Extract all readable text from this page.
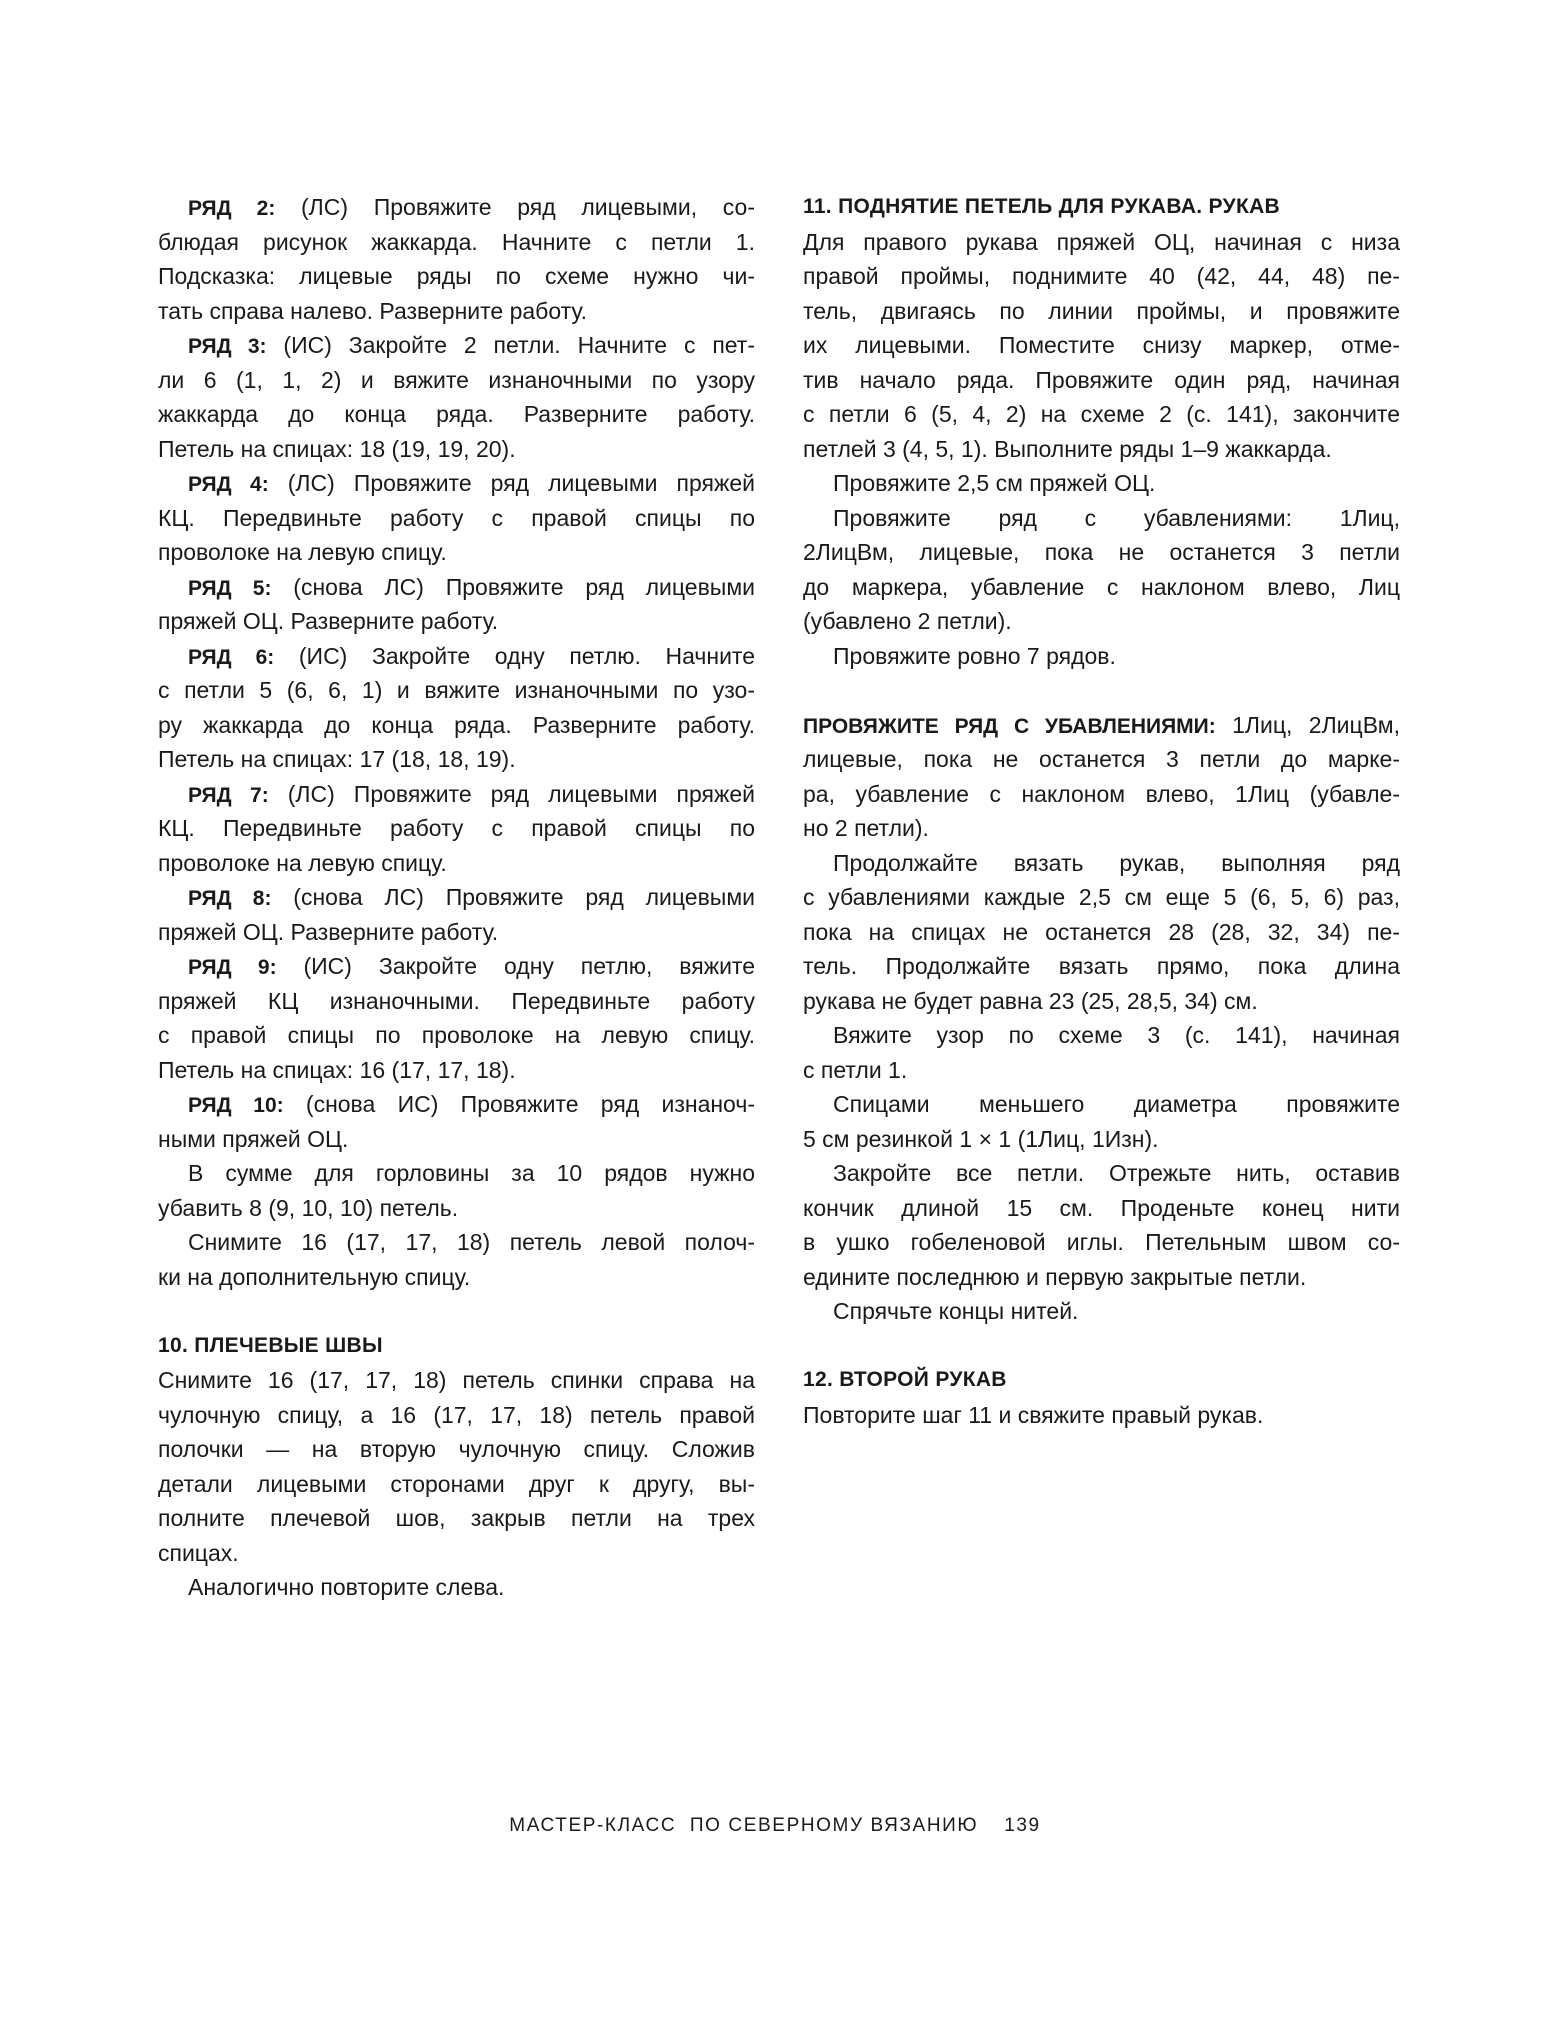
РЯД 2: (ЛС) Провяжите ряд лицевыми, со-
блюдая рисунок жаккарда. Начните с петли 1.
Подсказка: лицевые ряды по схеме нужно чи-
тать справа налево. Разверните работу.
РЯД 3: (ИС) Закройте 2 петли. Начните с пет-
ли 6 (1, 1, 2) и вяжите изнаночными по узору
жаккарда до конца ряда. Разверните работу.
Петель на спицах: 18 (19, 19, 20).
РЯД 4: (ЛС) Провяжите ряд лицевыми пряжей
КЦ. Передвиньте работу с правой спицы по
проволоке на левую спицу.
РЯД 5: (снова ЛС) Провяжите ряд лицевыми
пряжей ОЦ. Разверните работу.
РЯД 6: (ИС) Закройте одну петлю. Начните
с петли 5 (6, 6, 1) и вяжите изнаночными по узо-
ру жаккарда до конца ряда. Разверните работу.
Петель на спицах: 17 (18, 18, 19).
РЯД 7: (ЛС) Провяжите ряд лицевыми пряжей
КЦ. Передвиньте работу с правой спицы по
проволоке на левую спицу.
РЯД 8: (снова ЛС) Провяжите ряд лицевыми
пряжей ОЦ. Разверните работу.
РЯД 9: (ИС) Закройте одну петлю, вяжите
пряжей КЦ изнаночными. Передвиньте работу
с правой спицы по проволоке на левую спицу.
Петель на спицах: 16 (17, 17, 18).
РЯД 10: (снова ИС) Провяжите ряд изнаноч-
ными пряжей ОЦ.
В сумме для горловины за 10 рядов нужно
убавить 8 (9, 10, 10) петель.
Снимите 16 (17, 17, 18) петель левой полоч-
ки на дополнительную спицу.
10. ПЛЕЧЕВЫЕ ШВЫ
Снимите 16 (17, 17, 18) петель спинки справа на
чулочную спицу, а 16 (17, 17, 18) петель правой
полочки — на вторую чулочную спицу. Сложив
детали лицевыми сторонами друг к другу, вы-
полните плечевой шов, закрыв петли на трех
спицах.
Аналогично повторите слева.
11. ПОДНЯТИЕ ПЕТЕЛЬ ДЛЯ РУКАВА. РУКАВ
Для правого рукава пряжей ОЦ, начиная с низа
правой проймы, поднимите 40 (42, 44, 48) пе-
тель, двигаясь по линии проймы, и провяжите
их лицевыми. Поместите снизу маркер, отме-
тив начало ряда. Провяжите один ряд, начиная
с петли 6 (5, 4, 2) на схеме 2 (с. 141), закончите
петлей 3 (4, 5, 1). Выполните ряды 1–9 жаккарда.
Провяжите 2,5 см пряжей ОЦ.
Провяжите ряд с убавлениями: 1Лиц,
2ЛицВм, лицевые, пока не останется 3 петли
до маркера, убавление с наклоном влево, Лиц
(убавлено 2 петли).
Провяжите ровно 7 рядов.
ПРОВЯЖИТЕ РЯД С УБАВЛЕНИЯМИ: 1Лиц, 2ЛицВм,
лицевые, пока не останется 3 петли до марке-
ра, убавление с наклоном влево, 1Лиц (убавле-
но 2 петли).
Продолжайте вязать рукав, выполняя ряд
с убавлениями каждые 2,5 см еще 5 (6, 5, 6) раз,
пока на спицах не останется 28 (28, 32, 34) пе-
тель. Продолжайте вязать прямо, пока длина
рукава не будет равна 23 (25, 28,5, 34) см.
Вяжите узор по схеме 3 (с. 141), начиная
с петли 1.
Спицами меньшего диаметра провяжите
5 см резинкой 1 × 1 (1Лиц, 1Изн).
Закройте все петли. Отрежьте нить, оставив
кончик длиной 15 см. Проденьте конец нити
в ушко гобеленовой иглы. Петельным швом со-
едините последнюю и первую закрытые петли.
Спрячьте концы нитей.
12. ВТОРОЙ РУКАВ
Повторите шаг 11 и свяжите правый рукав.
МАСТЕР-КЛАСС  ПО СЕВЕРНОМУ ВЯЗАНИЮ 139
